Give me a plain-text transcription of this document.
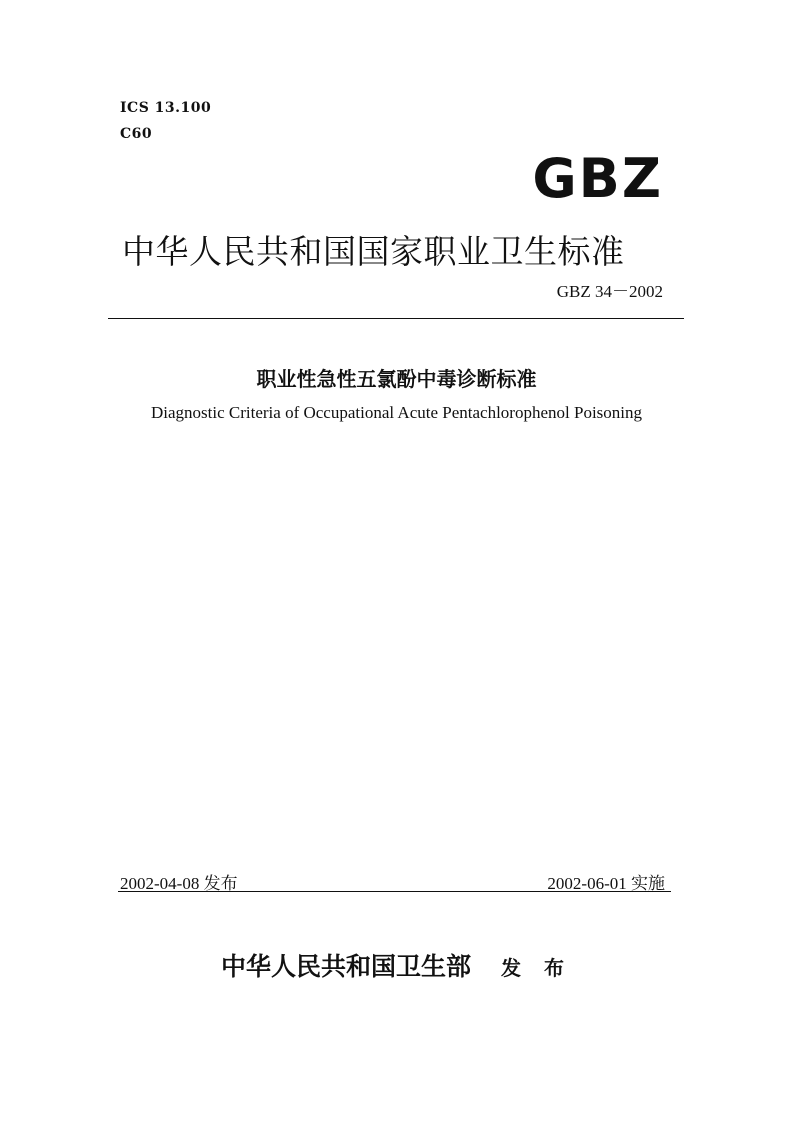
ICS 13.100
C60
GBZ
中华人民共和国国家职业卫生标准
GBZ 34－2002
职业性急性五氯酚中毒诊断标准
Diagnostic Criteria of Occupational Acute Pentachlorophenol Poisoning
2002-04-08 发布	2002-06-01 实施
中华人民共和国卫生部 发 布
